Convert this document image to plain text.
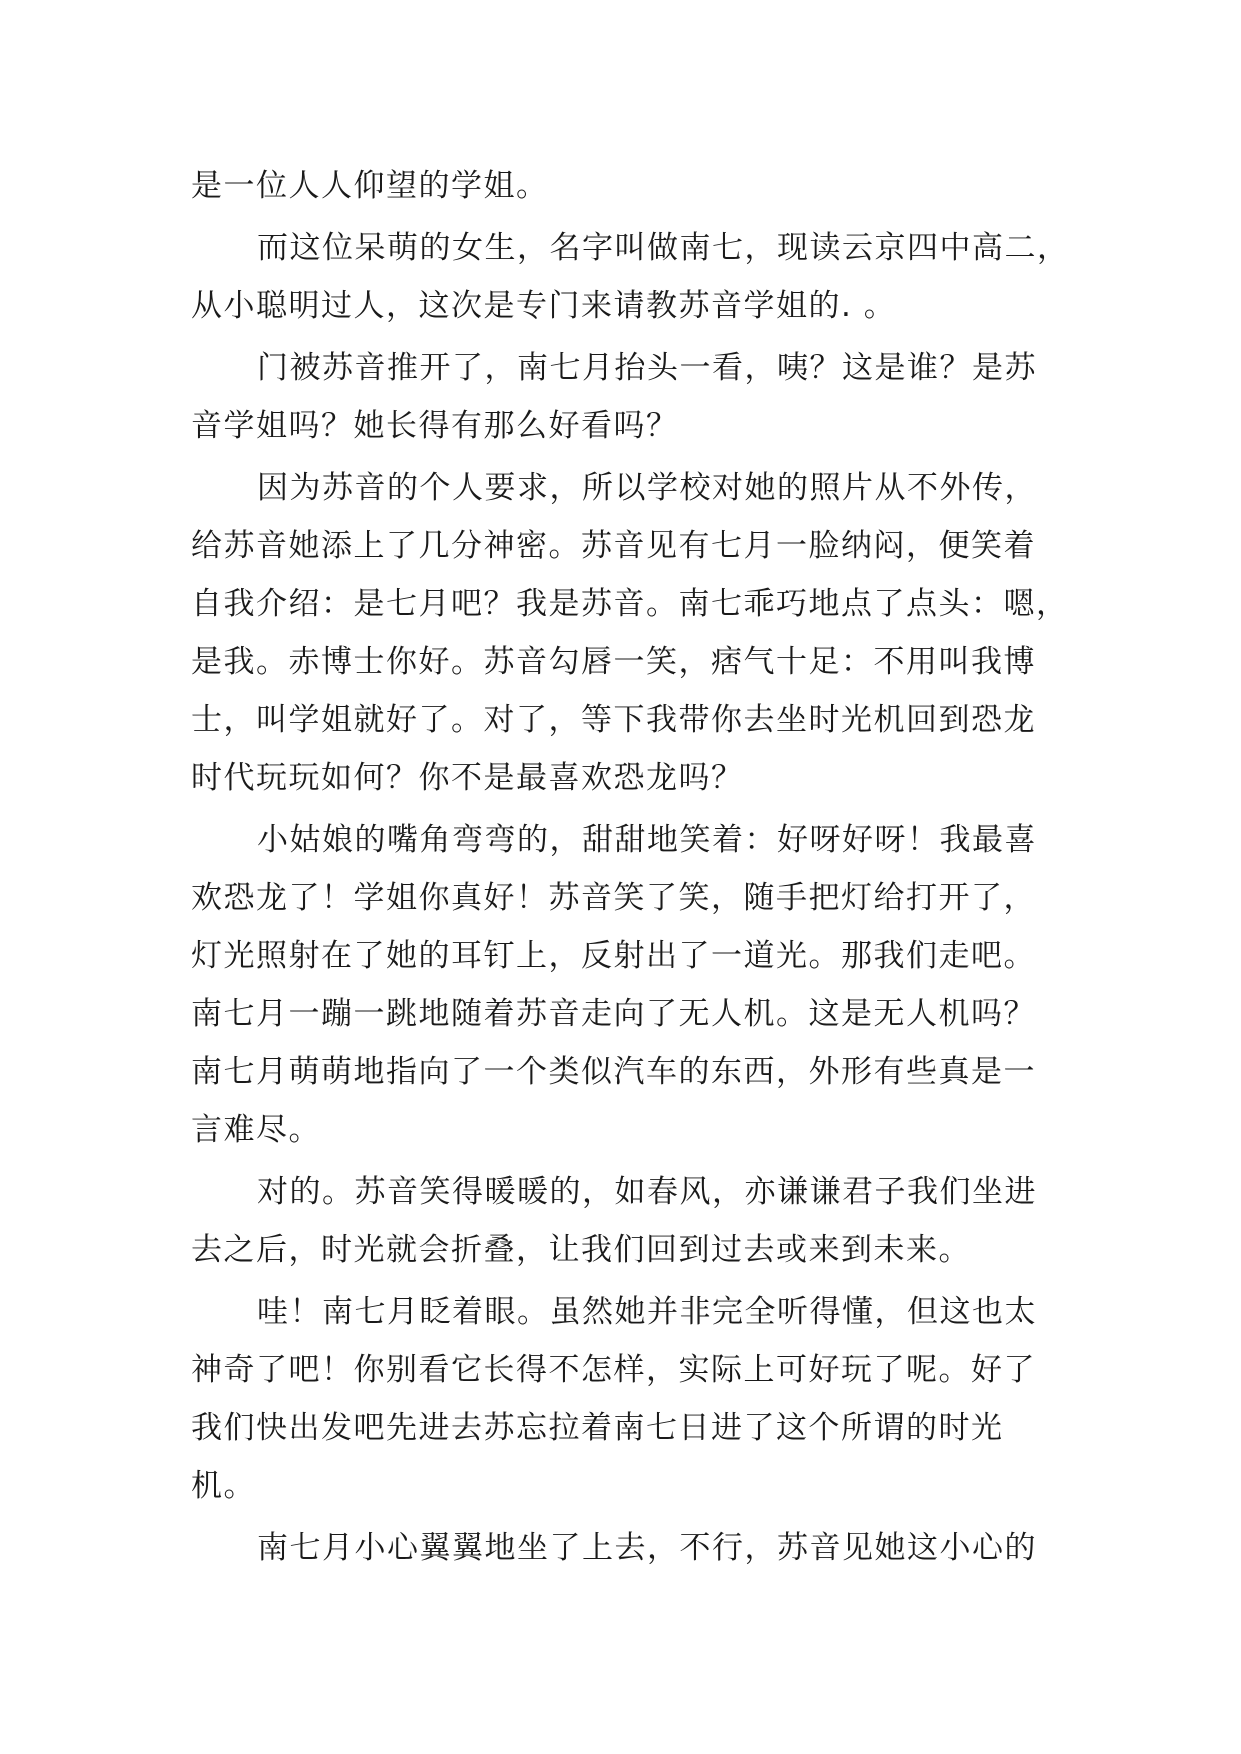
是一位人人仰望的学姐。
而这位呆萌的女生，名字叫做南七，现读云京四中高二，
从小聪明过人，这次是专门来请教苏音学姐的. 。
门被苏音推开了，南七月抬头一看，咦？这是谁？是苏
音学姐吗？她长得有那么好看吗？
因为苏音的个人要求，所以学校对她的照片从不外传，
给苏音她添上了几分神密。苏音见有七月一脸纳闷，便笑着
自我介绍：是七月吧？我是苏音。南七乖巧地点了点头：嗯，
是我。赤博士你好。苏音勾唇一笑，痞气十足：不用叫我博
士，叫学姐就好了。对了，等下我带你去坐时光机回到恐龙
时代玩玩如何？你不是最喜欢恐龙吗？
小姑娘的嘴角弯弯的，甜甜地笑着：好呀好呀！我最喜
欢恐龙了！学姐你真好！苏音笑了笑，随手把灯给打开了，
灯光照射在了她的耳钉上，反射出了一道光。那我们走吧。
南七月一蹦一跳地随着苏音走向了无人机。这是无人机吗？
南七月萌萌地指向了一个类似汽车的东西，外形有些真是一
言难尽。
对的。苏音笑得暖暖的，如春风，亦谦谦君子我们坐进
去之后，时光就会折叠，让我们回到过去或来到未来。
哇！南七月眨着眼。虽然她并非完全听得懂，但这也太
神奇了吧！你别看它长得不怎样，实际上可好玩了呢。好了
我们快出发吧先进去苏忘拉着南七日进了这个所谓的时光
机。
南七月小心翼翼地坐了上去，不行，苏音见她这小心的
